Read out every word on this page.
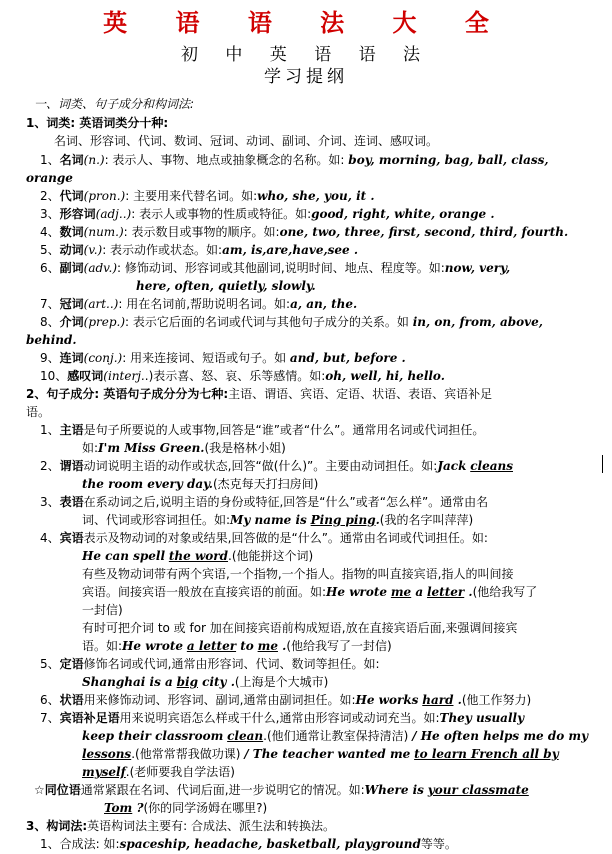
英 语 语 法 大 全
初 中 英 语 语 法
学习提纲
一、词类、句子成分和构词法:
1、词类: 英语词类分十种:
名词、形容词、代词、数词、冠词、动词、副词、介词、连词、感叹词。
1、名词(n.): 表示人、事物、地点或抽象概念的名称。如: boy, morning, bag, ball, class,
orange
2、代词(pron.): 主要用来代替名词。如:who, she, you, it .
3、形容词(adj..): 表示人或事物的性质或特征。如:good, right, white, orange .
4、数词(num.): 表示数目或事物的顺序。如:one, two, three, first, second, third, fourth.
5、动词(v.): 表示动作或状态。如:am, is,are,have,see .
6、副词(adv.): 修饰动词、形容词或其他副词,说明时间、地点、程度等。如:now, very,
here, often, quietly, slowly.
7、冠词(art..): 用在名词前,帮助说明名词。如:a, an, the.
8、介词(prep.): 表示它后面的名词或代词与其他句子成分的关系。如 in, on, from, above,
behind.
9、连词(conj.): 用来连接词、短语或句子。如 and, but, before .
10、感叹词(interj..)表示喜、怒、哀、乐等感情。如:oh, well, hi, hello.
2、句子成分: 英语句子成分分为七种:主语、谓语、宾语、定语、状语、表语、宾语补足
语。
1、主语是句子所要说的人或事物,回答是“谁”或者“什么”。通常用名词或代词担任。
如:I'm Miss Green.(我是格林小姐)
2、谓语动词说明主语的动作或状态,回答“做(什么)”。主要由动词担任。如:Jack cleans
the room every day.(杰克每天打扫房间)
3、表语在系动词之后,说明主语的身份或特征,回答是“什么”或者“怎么样”。通常由名
词、代词或形容词担任。如:My name is Ping ping.(我的名字叫萍萍)
4、宾语表示及物动词的对象或结果,回答做的是“什么”。通常由名词或代词担任。如:
He can spell the word.(他能拼这个词)
有些及物动词带有两个宾语,一个指物,一个指人。指物的叫直接宾语,指人的叫间接
宾语。间接宾语一般放在直接宾语的前面。如:He wrote me a letter .(他给我写了
一封信)
有时可把介词 to 或 for 加在间接宾语前构成短语,放在直接宾语后面,来强调间接宾
语。如:He wrote a letter to me .(他给我写了一封信)
5、定语修饰名词或代词,通常由形容词、代词、数词等担任。如:
Shanghai is a big city .(上海是个大城市)
6、状语用来修饰动词、形容词、副词,通常由副词担任。如:He works hard .(他工作努力)
7、宾语补足语用来说明宾语怎么样或干什么,通常由形容词或动词充当。如:They usually
keep their classroom clean.(他们通常让教室保持清洁) / He often helps me do my
lessons.(他常常帮我做功课) / The teacher wanted me to learn French all by
myself.(老师要我自学法语)
☆同位语通常紧跟在名词、代词后面,进一步说明它的情况。如:Where is your classmate
Tom ?(你的同学汤姆在哪里?)
3、构词法:英语构词法主要有: 合成法、派生法和转换法。
1、合成法: 如:spaceship, headache, basketball, playground等等。
